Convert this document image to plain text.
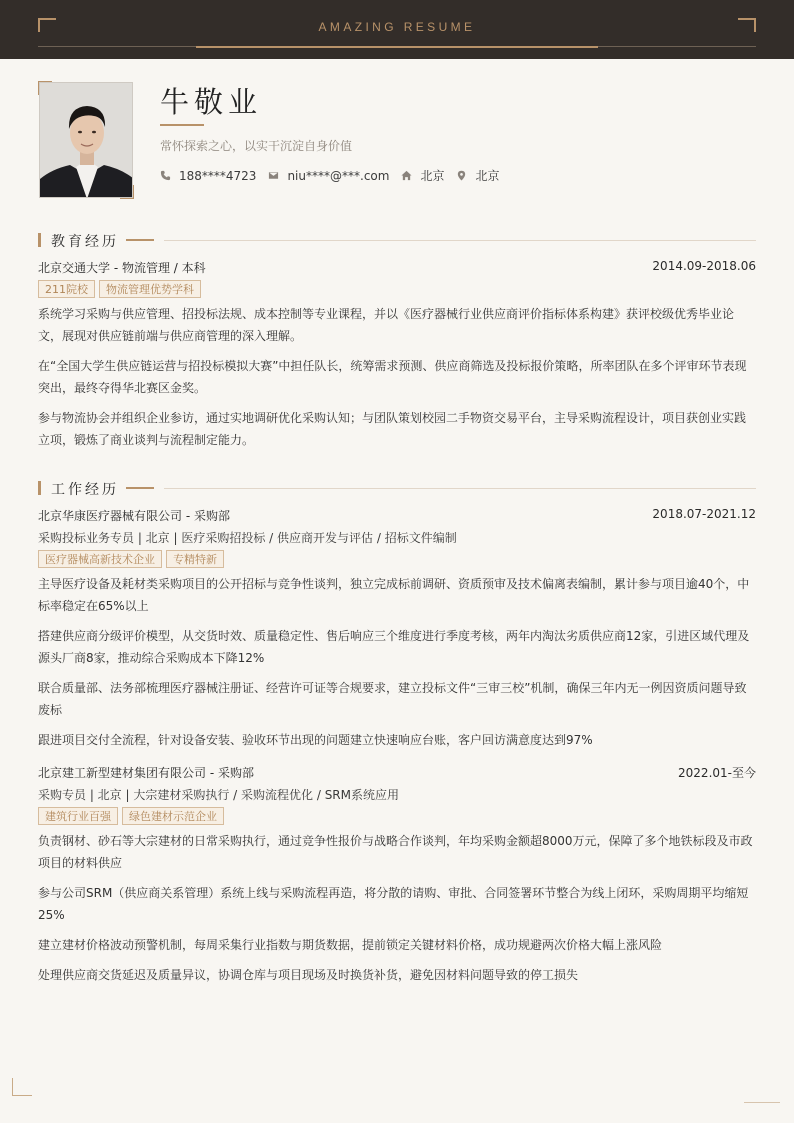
AMAZING RESUME
牛敬业
常怀探索之心，以实干沉淀自身价值
188****4723	niu****@***.com	北京	北京
教育经历
北京交通大学 - 物流管理 / 本科	2014.09-2018.06
211院校	物流管理优势学科
系统学习采购与供应管理、招投标法规、成本控制等专业课程，并以《医疗器械行业供应商评价指标体系构建》获评校级优秀毕业论文，展现对供应链前端与供应商管理的深入理解。
在“全国大学生供应链运营与招投标模拟大赛”中担任队长，统筹需求预测、供应商筛选及投标报价策略，所率团队在多个评审环节表现突出，最终夺得华北赛区金奖。
参与物流协会并组织企业参访，通过实地调研优化采购认知；与团队策划校园二手物资交易平台，主导采购流程设计，项目获创业实践立项，锻炼了商业谈判与流程制定能力。
工作经历
北京华康医疗器械有限公司 - 采购部	2018.07-2021.12
采购投标业务专员 | 北京 | 医疗采购招投标 / 供应商开发与评估 / 招标文件编制
医疗器械高新技术企业	专精特新
主导医疗设备及耗材类采购项目的公开招标与竞争性谈判，独立完成标前调研、资质预审及技术偏离表编制，累计参与项目逾40个，中标率稳定在65%以上
搭建供应商分级评价模型，从交货时效、质量稳定性、售后响应三个维度进行季度考核，两年内淘汰劣质供应商12家，引进区域代理及源头厂商8家，推动综合采购成本下降12%
联合质量部、法务部梳理医疗器械注册证、经营许可证等合规要求，建立投标文件“三审三校”机制，确保三年内无一例因资质问题导致废标
跟进项目交付全流程，针对设备安装、验收环节出现的问题建立快速响应台账，客户回访满意度达到97%
北京建工新型建材集团有限公司 - 采购部	2022.01-至今
采购专员 | 北京 | 大宗建材采购执行 / 采购流程优化 / SRM系统应用
建筑行业百强	绿色建材示范企业
负责钢材、砂石等大宗建材的日常采购执行，通过竞争性报价与战略合作谈判，年均采购金额超8000万元，保障了多个地铁标段及市政项目的材料供应
参与公司SRM（供应商关系管理）系统上线与采购流程再造，将分散的请购、审批、合同签署环节整合为线上闭环，采购周期平均缩短25%
建立建材价格波动预警机制，每周采集行业指数与期货数据，提前锁定关键材料价格，成功规避两次价格大幅上涨风险
处理供应商交货延迟及质量异议，协调仓库与项目现场及时换货补货，避免因材料问题导致的停工损失
